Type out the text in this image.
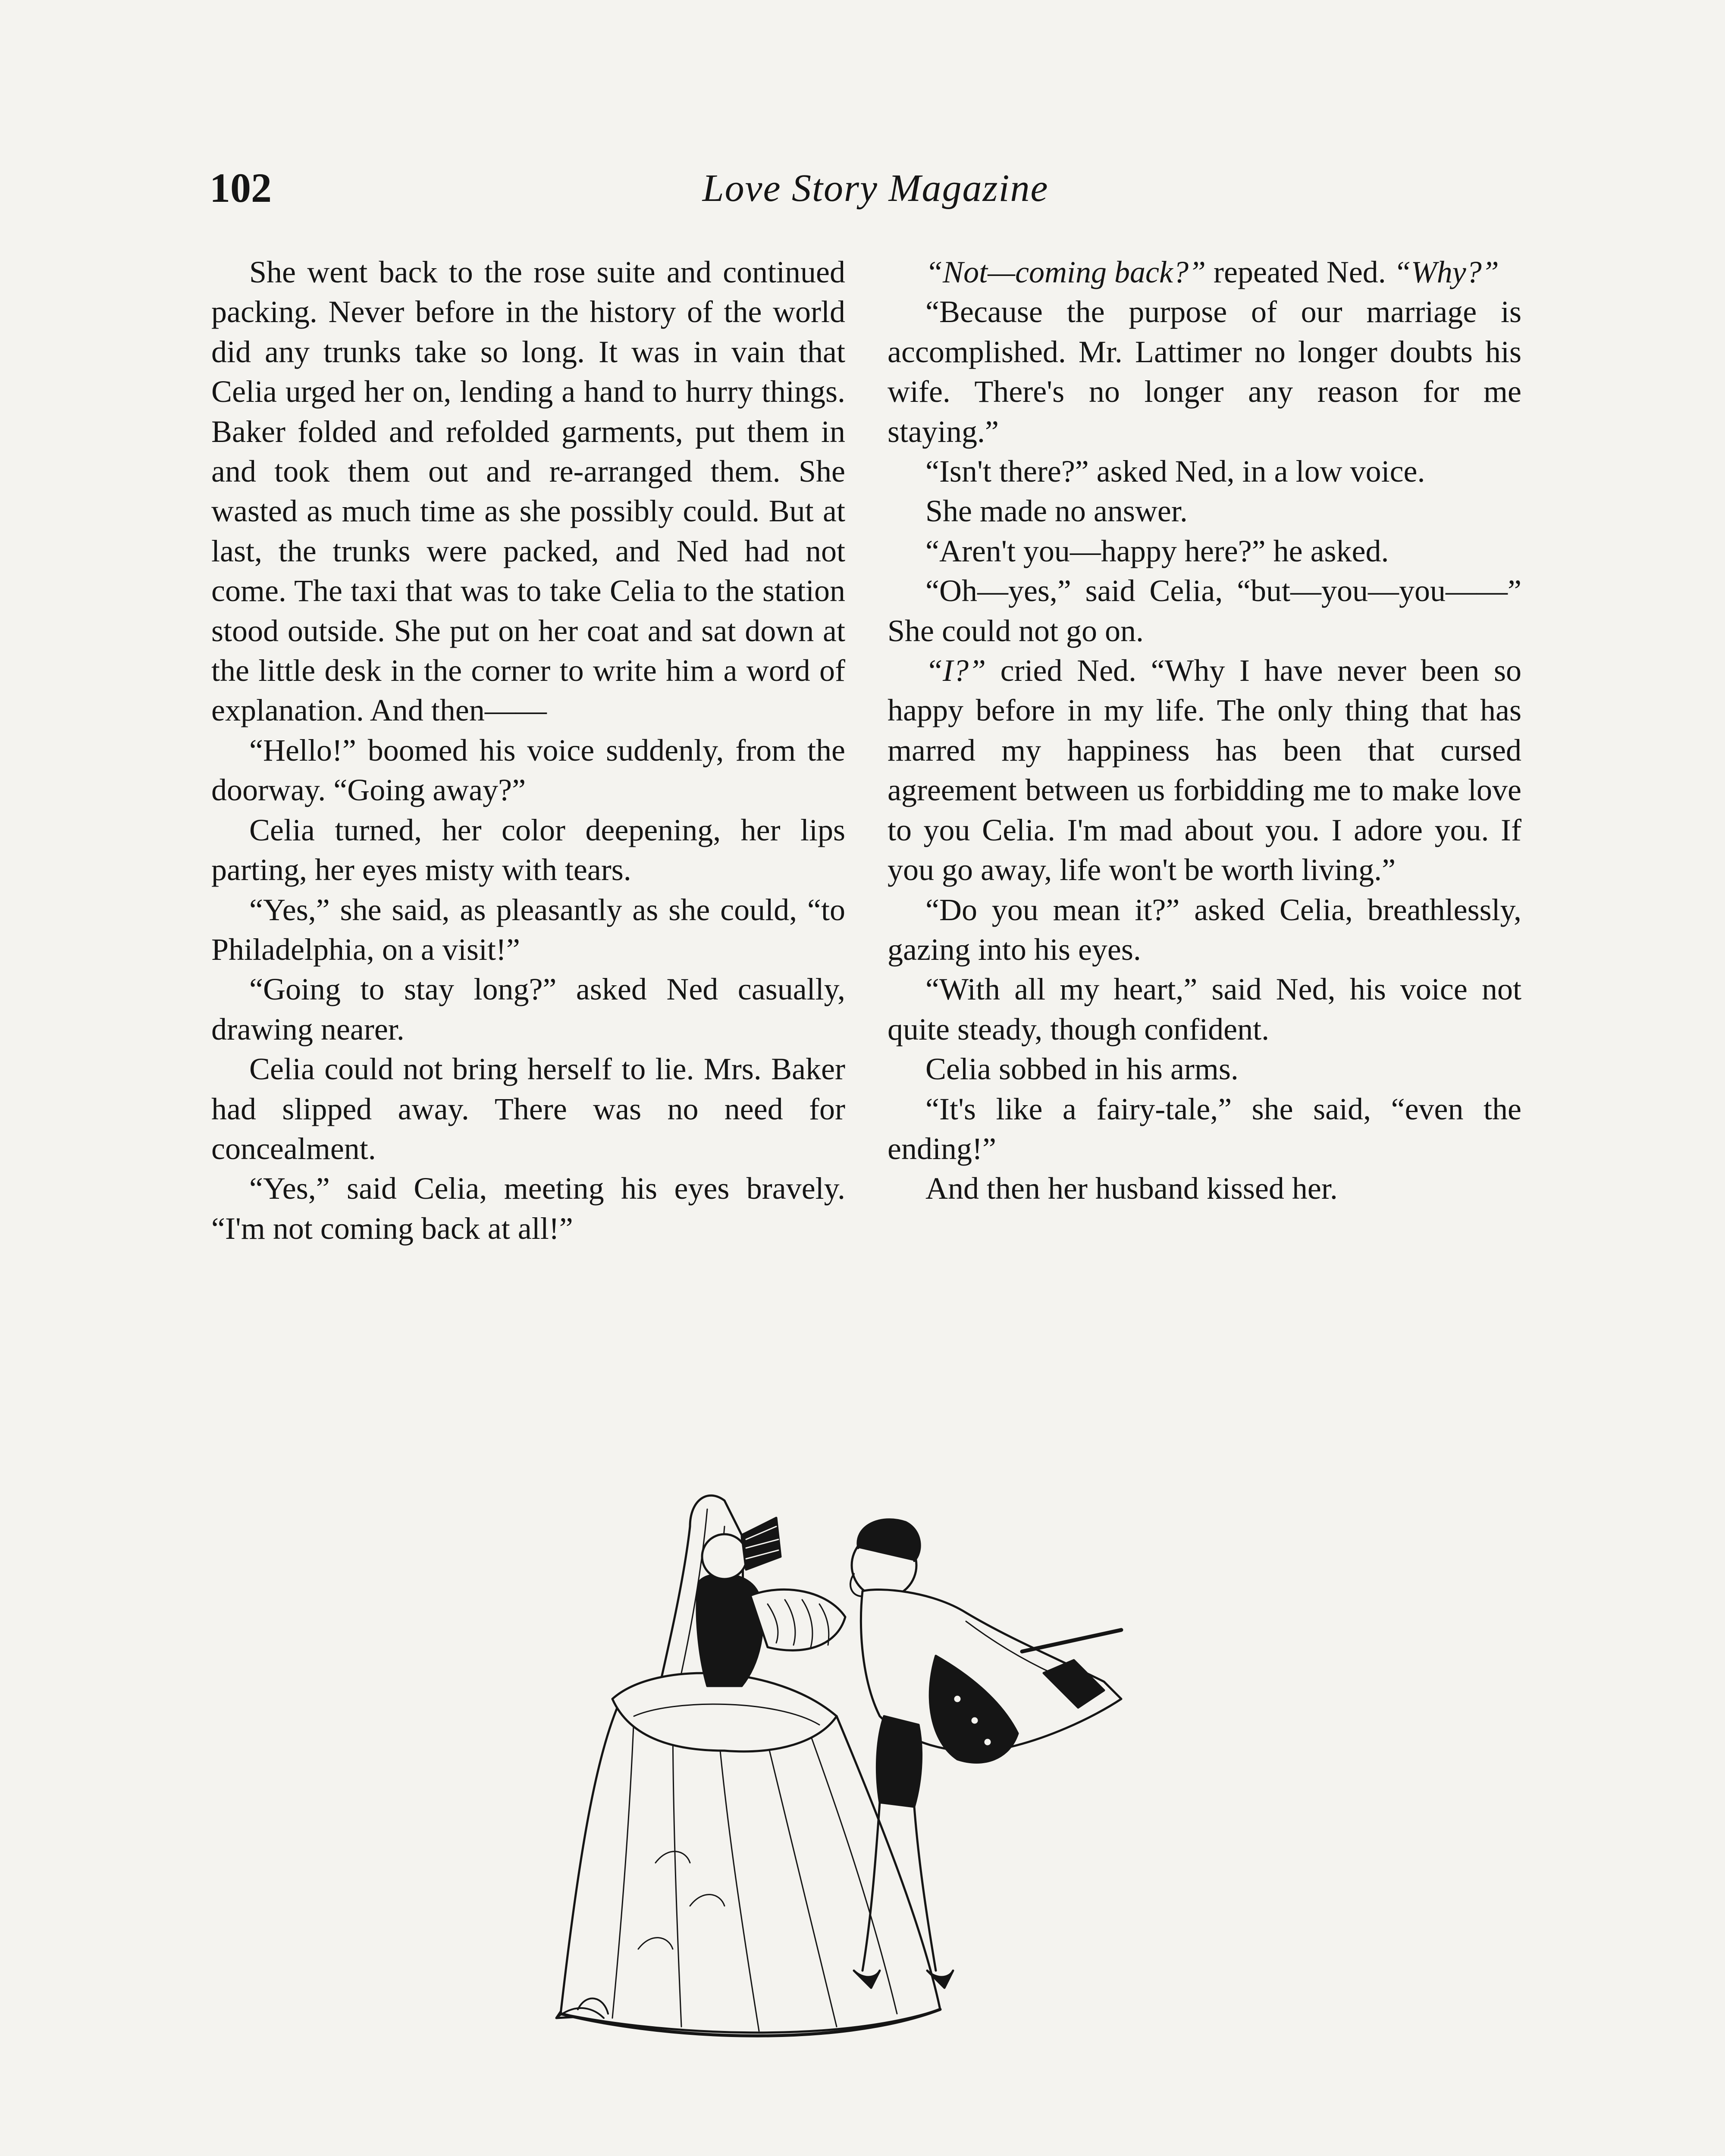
102	Love Story Magazine

She went back to the rose suite and continued packing. Never before in the history of the world did any trunks take so long. It was in vain that Celia urged her on, lending a hand to hurry things. Baker folded and refolded garments, put them in and took them out and re-arranged them. She wasted as much time as she possibly could. But at last, the trunks were packed, and Ned had not come. The taxi that was to take Celia to the station stood outside. She put on her coat and sat down at the little desk in the corner to write him a word of explanation. And then——

“Hello!” boomed his voice suddenly, from the doorway. “Going away?”

Celia turned, her color deepening, her lips parting, her eyes misty with tears.

“Yes,” she said, as pleasantly as she could, “to Philadelphia, on a visit!”

“Going to stay long?” asked Ned casually, drawing nearer.

Celia could not bring herself to lie. Mrs. Baker had slipped away. There was no need for concealment.

“Yes,” said Celia, meeting his eyes bravely. “I'm not coming back at all!”

“Not—coming back?” repeated Ned. “Why?”

“Because the purpose of our marriage is accomplished. Mr. Lattimer no longer doubts his wife. There's no longer any reason for me staying.”

“Isn't there?” asked Ned, in a low voice.

She made no answer.

“Aren't you—happy here?” he asked.

“Oh—yes,” said Celia, “but—you—you——” She could not go on.

“I?” cried Ned. “Why I have never been so happy before in my life. The only thing that has marred my happiness has been that cursed agreement between us forbidding me to make love to you Celia. I'm mad about you. I adore you. If you go away, life won't be worth living.”

“Do you mean it?” asked Celia, breathlessly, gazing into his eyes.

“With all my heart,” said Ned, his voice not quite steady, though confident.

Celia sobbed in his arms.

“It's like a fairy-tale,” she said, “even the ending!”

And then her husband kissed her.
